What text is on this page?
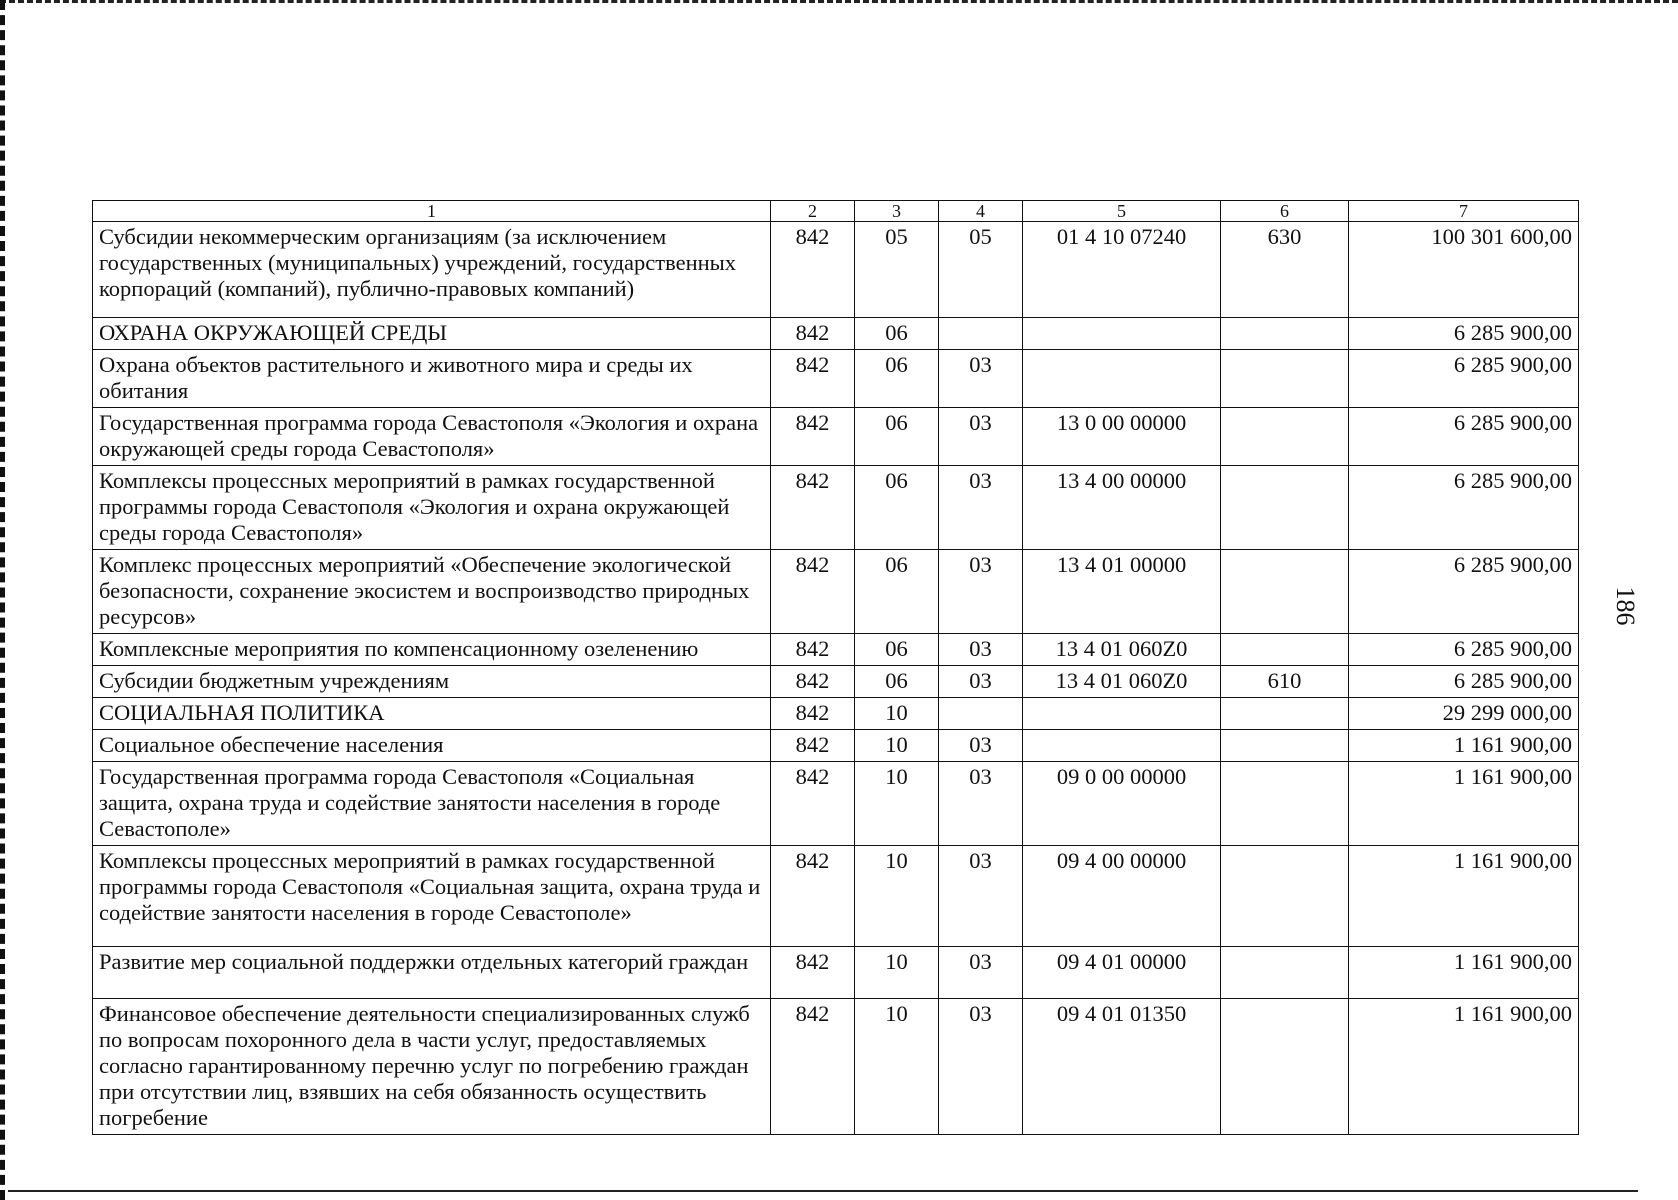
186
1	2	3	4	5	6	7
Субсидии некоммерческим организациям (за исключением государственных (муниципальных) учреждений, государственных корпораций (компаний), публично-правовых компаний)	842	05	05	01 4 10 07240	630	100 301 600,00
ОХРАНА ОКРУЖАЮЩЕЙ СРЕДЫ	842	06				6 285 900,00
Охрана объектов растительного и животного мира и среды их обитания	842	06	03			6 285 900,00
Государственная программа города Севастополя «Экология и охрана окружающей среды города Севастополя»	842	06	03	13 0 00 00000		6 285 900,00
Комплексы процессных мероприятий в рамках государственной программы города Севастополя «Экология и охрана окружающей среды города Севастополя»	842	06	03	13 4 00 00000		6 285 900,00
Комплекс процессных мероприятий «Обеспечение экологической безопасности, сохранение экосистем и воспроизводство природных ресурсов»	842	06	03	13 4 01 00000		6 285 900,00
Комплексные мероприятия по компенсационному озеленению	842	06	03	13 4 01 060Z0		6 285 900,00
Субсидии бюджетным учреждениям	842	06	03	13 4 01 060Z0	610	6 285 900,00
СОЦИАЛЬНАЯ ПОЛИТИКА	842	10				29 299 000,00
Социальное обеспечение населения	842	10	03			1 161 900,00
Государственная программа города Севастополя «Социальная защита, охрана труда и содействие занятости населения в городе Севастополе»	842	10	03	09 0 00 00000		1 161 900,00
Комплексы процессных мероприятий в рамках государственной программы города Севастополя «Социальная защита, охрана труда и содействие занятости населения в городе Севастополе»	842	10	03	09 4 00 00000		1 161 900,00
Развитие мер социальной поддержки отдельных категорий граждан	842	10	03	09 4 01 00000		1 161 900,00
Финансовое обеспечение деятельности специализированных служб по вопросам похоронного дела в части услуг, предоставляемых согласно гарантированному перечню услуг по погребению граждан при отсутствии лиц, взявших на себя обязанность осуществить погребение	842	10	03	09 4 01 01350		1 161 900,00
